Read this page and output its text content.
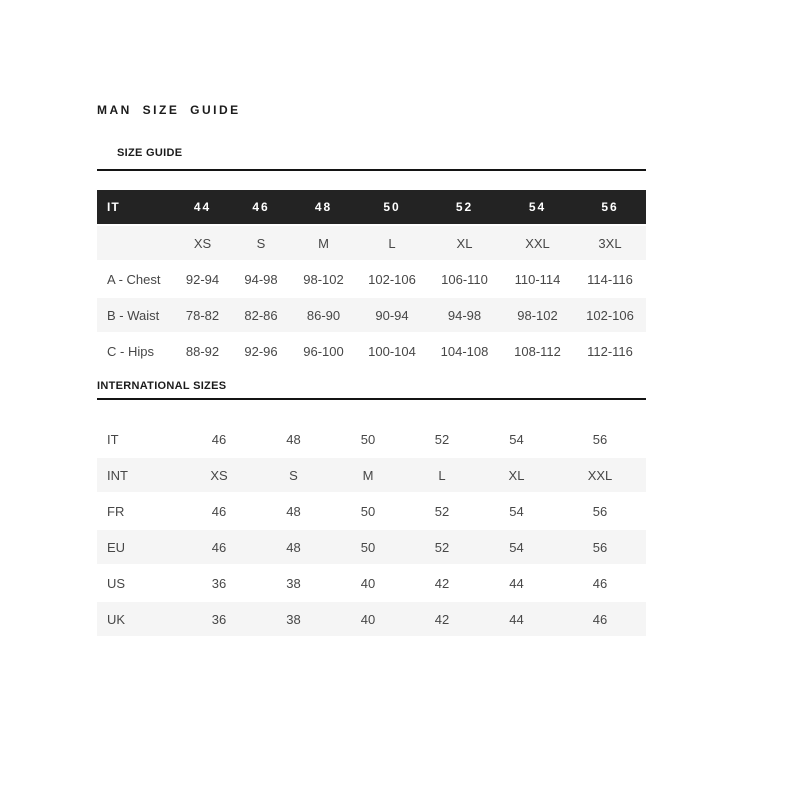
MAN SIZE GUIDE
SIZE GUIDE
IT	44	46	48	50	52	54	56
	XS	S	M	L	XL	XXL	3XL
A - Chest	92-94	94-98	98-102	102-106	106-110	110-114	114-116
B - Waist	78-82	82-86	86-90	90-94	94-98	98-102	102-106
C - Hips	88-92	92-96	96-100	100-104	104-108	108-112	112-116
INTERNATIONAL SIZES
IT	46	48	50	52	54	56
INT	XS	S	M	L	XL	XXL
FR	46	48	50	52	54	56
EU	46	48	50	52	54	56
US	36	38	40	42	44	46
UK	36	38	40	42	44	46
